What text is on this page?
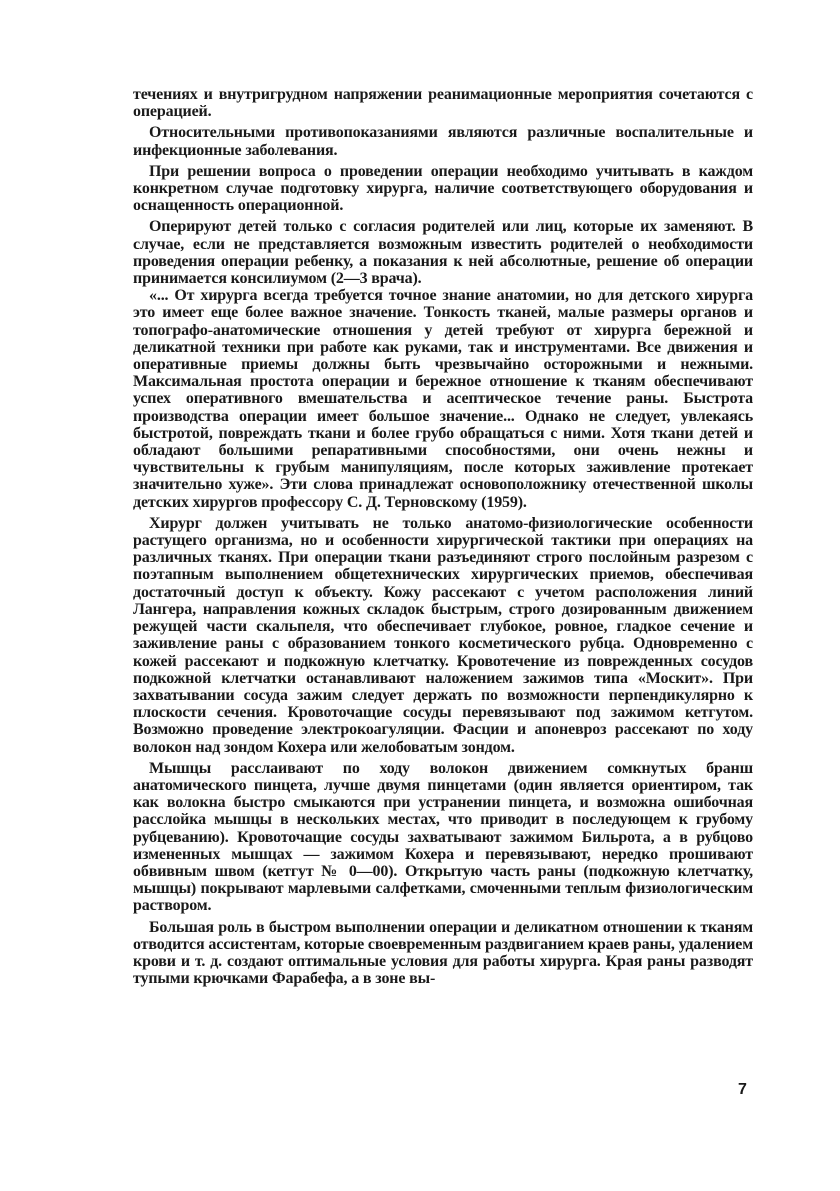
течениях и внутригрудном напряжении реанимационные мероприятия сочетаются с операцией.

Относительными противопоказаниями являются различные воспалительные и инфекционные заболевания.

При решении вопроса о проведении операции необходимо учитывать в каждом конкретном случае подготовку хирурга, наличие соответствующего оборудования и оснащенность операционной.

Оперируют детей только с согласия родителей или лиц, которые их заменяют. В случае, если не представляется возможным известить родителей о необходимости проведения операции ребенку, а показания к ней абсолютные, решение об операции принимается консилиумом (2—3 врача).

«... От хирурга всегда требуется точное знание анатомии, но для детского хирурга это имеет еще более важное значение. Тонкость тканей, малые размеры органов и топографо-анатомические отношения у детей требуют от хирурга бережной и деликатной техники при работе как руками, так и инструментами. Все движения и оперативные приемы должны быть чрезвычайно осторожными и нежными. Максимальная простота операции и бережное отношение к тканям обеспечивают успех оперативного вмешательства и асептическое течение раны. Быстрота производства операции имеет большое значение... Однако не следует, увлекаясь быстротой, повреждать ткани и более грубо обращаться с ними. Хотя ткани детей и обладают большими репаративными способностями, они очень нежны и чувствительны к грубым манипуляциям, после которых заживление протекает значительно хуже». Эти слова принадлежат основоположнику отечественной школы детских хирургов профессору С. Д. Терновскому (1959).

Хирург должен учитывать не только анатомо-физиологические особенности растущего организма, но и особенности хирургической тактики при операциях на различных тканях. При операции ткани разъединяют строго послойным разрезом с поэтапным выполнением общетехнических хирургических приемов, обеспечивая достаточный доступ к объекту. Кожу рассекают с учетом расположения линий Лангера, направления кожных складок быстрым, строго дозированным движением режущей части скальпеля, что обеспечивает глубокое, ровное, гладкое сечение и заживление раны с образованием тонкого косметического рубца. Одновременно с кожей рассекают и подкожную клетчатку. Кровотечение из поврежденных сосудов подкожной клетчатки останавливают наложением зажимов типа «Москит». При захватывании сосуда зажим следует держать по возможности перпендикулярно к плоскости сечения. Кровоточащие сосуды перевязывают под зажимом кетгутом. Возможно проведение электрокоагуляции. Фасции и апоневроз рассекают по ходу волокон над зондом Кохера или желобоватым зондом.

Мышцы расслаивают по ходу волокон движением сомкнутых бранш анатомического пинцета, лучше двумя пинцетами (один является ориентиром, так как волокна быстро смыкаются при устранении пинцета, и возможна ошибочная расслойка мышцы в нескольких местах, что приводит в последующем к грубому рубцеванию). Кровоточащие сосуды захватывают зажимом Бильрота, а в рубцово измененных мышцах — зажимом Кохера и перевязывают, нередко прошивают обвивным швом (кетгут № 0—00). Открытую часть раны (подкожную клетчатку, мышцы) покрывают марлевыми салфетками, смоченными теплым физиологическим раствором.

Большая роль в быстром выполнении операции и деликатном отношении к тканям отводится ассистентам, которые своевременным раздвиганием краев раны, удалением крови и т. д. создают оптимальные условия для работы хирурга. Края раны разводят тупыми крючками Фарабефа, а в зоне вы-

7
